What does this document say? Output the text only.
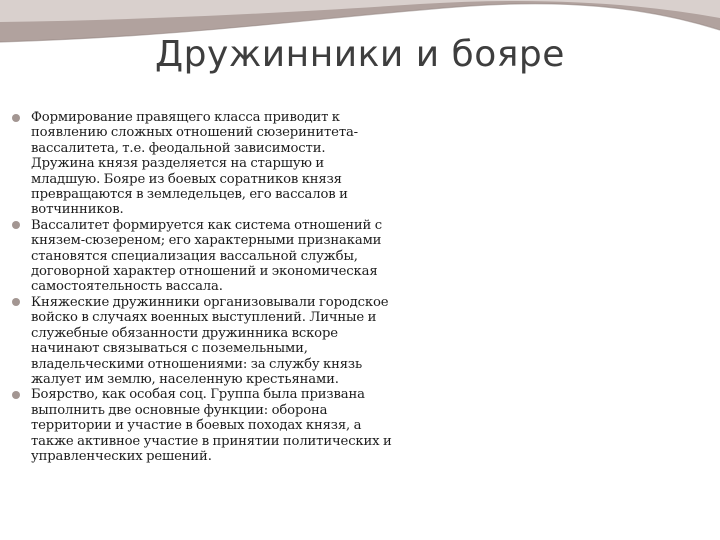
Дружинники и бояре
Формирование правящего класса приводит к появлению сложных отношений сюзеринитета-вассалитета, т.е. феодальной зависимости. Дружина князя разделяется на старшую и младшую. Бояре из боевых соратников князя превращаются в земледельцев, его вассалов и вотчинников.
Вассалитет формируется как система отношений с князем-сюзереном; его характерными признаками становятся специализация вассальной службы, договорной характер отношений и экономическая самостоятельность вассала.
Княжеские дружинники организовывали городское войско в случаях военных выступлений. Личные и служебные обязанности дружинника вскоре начинают связываться с поземельными, владельческими отношениями: за службу князь жалует им землю, населенную крестьянами.
Боярство, как особая соц. Группа была призвана выполнить две основные функции: оборона территории и участие в боевых походах князя, а также активное участие в принятии политических и управленческих решений.
